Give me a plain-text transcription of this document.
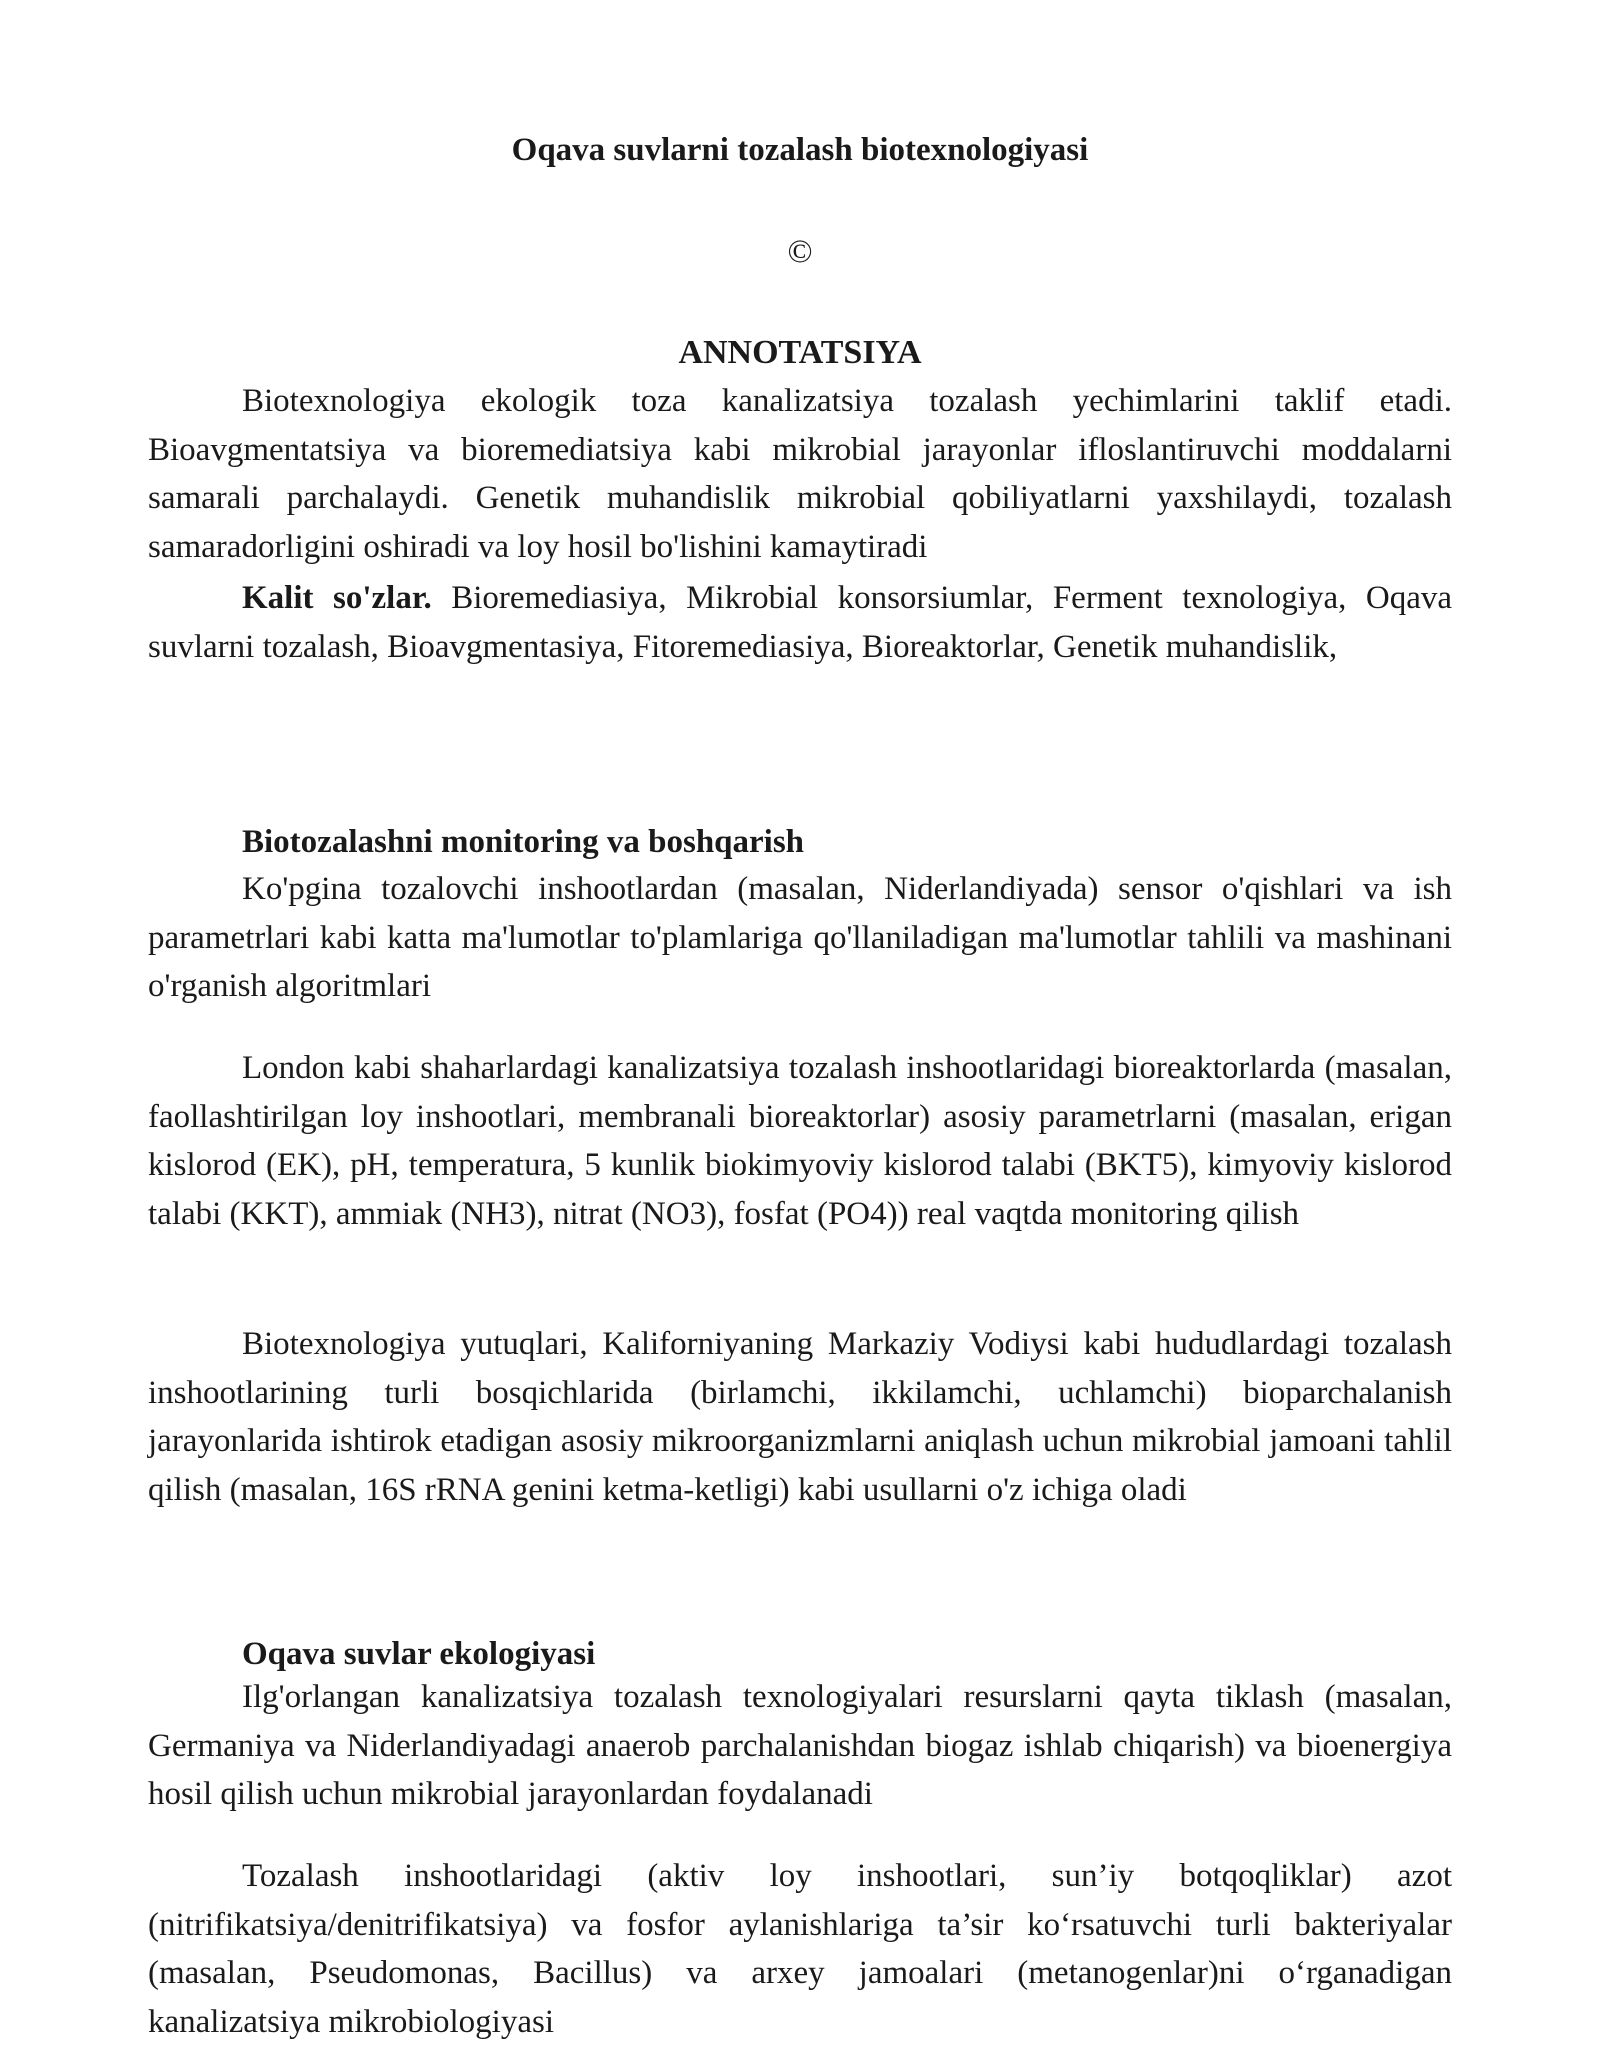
Oqava suvlarni tozalash biotexnologiyasi
©
ANNOTATSIYA

Biotexnologiya ekologik toza kanalizatsiya tozalash yechimlarini taklif etadi. Bioavgmentatsiya va bioremediatsiya kabi mikrobial jarayonlar ifloslantiruvchi moddalarni samarali parchalaydi. Genetik muhandislik mikrobial qobiliyatlarni yaxshilaydi, tozalash samaradorligini oshiradi va loy hosil bo'lishini kamaytiradi

Kalit so'zlar. Bioremediasiya, Mikrobial konsorsiumlar, Ferment texnologiya, Oqava suvlarni tozalash, Bioavgmentasiya, Fitoremediasiya, Bioreaktorlar, Genetik muhandislik,

Biotozalashni monitoring va boshqarish

Ko'pgina tozalovchi inshootlardan (masalan, Niderlandiyada) sensor o'qishlari va ish parametrlari kabi katta ma'lumotlar to'plamlariga qo'llaniladigan ma'lumotlar tahlili va mashinani o'rganish algoritmlari

London kabi shaharlardagi kanalizatsiya tozalash inshootlaridagi bioreaktorlarda (masalan, faollashtirilgan loy inshootlari, membranali bioreaktorlar) asosiy parametrlarni (masalan, erigan kislorod (EK), pH, temperatura, 5 kunlik biokimyoviy kislorod talabi (BKT5), kimyoviy kislorod talabi (KKT), ammiak (NH3), nitrat (NO3), fosfat (PO4)) real vaqtda monitoring qilish

Biotexnologiya yutuqlari, Kaliforniyaning Markaziy Vodiysi kabi hududlardagi tozalash inshootlarining turli bosqichlarida (birlamchi, ikkilamchi, uchlamchi) bioparchalanish jarayonlarida ishtirok etadigan asosiy mikroorganizmlarni aniqlash uchun mikrobial jamoani tahlil qilish (masalan, 16S rRNA genini ketma-ketligi) kabi usullarni o'z ichiga oladi

Oqava suvlar ekologiyasi

Ilg'orlangan kanalizatsiya tozalash texnologiyalari resurslarni qayta tiklash (masalan, Germaniya va Niderlandiyadagi anaerob parchalanishdan biogaz ishlab chiqarish) va bioenergiya hosil qilish uchun mikrobial jarayonlardan foydalanadi

Tozalash inshootlaridagi (aktiv loy inshootlari, sun’iy botqoqliklar) azot (nitrifikatsiya/denitrifikatsiya) va fosfor aylanishlariga ta’sir ko‘rsatuvchi turli bakteriyalar (masalan, Pseudomonas, Bacillus) va arxey jamoalari (metanogenlar)ni o‘rganadigan kanalizatsiya mikrobiologiyasi
